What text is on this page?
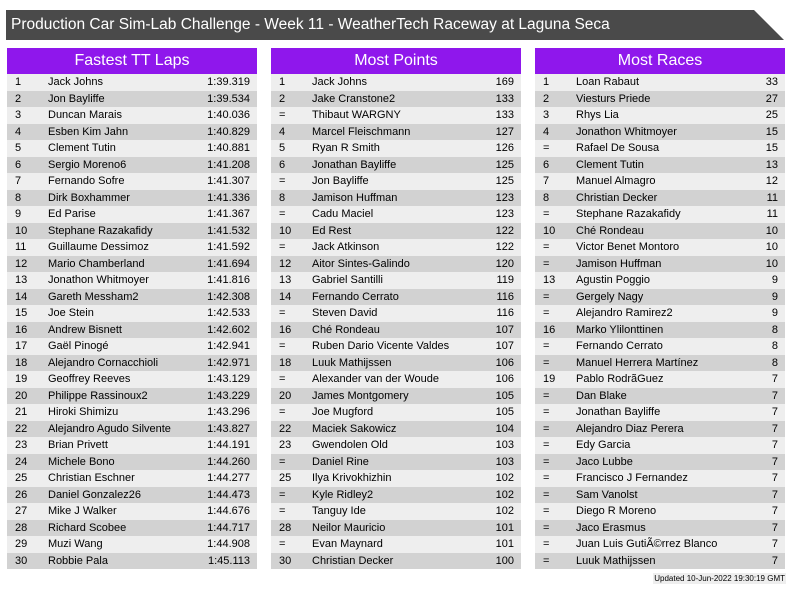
Production Car Sim-Lab Challenge - Week 11 - WeatherTech Raceway at Laguna Seca
Fastest TT Laps
1 Jack Johns	1:39.319
2 Jon Bayliffe	1:39.534
3 Duncan Marais	1:40.036
4 Esben Kim Jahn	1:40.829
5 Clement Tutin	1:40.881
6 Sergio Moreno6	1:41.208
7 Fernando Sofre	1:41.307
8 Dirk Boxhammer	1:41.336
9 Ed Parise	1:41.367
10 Stephane Razakafidy	1:41.532
11 Guillaume Dessimoz	1:41.592
12 Mario Chamberland	1:41.694
13 Jonathon Whitmoyer	1:41.816
14 Gareth Messham2	1:42.308
15 Joe Stein	1:42.533
16 Andrew Bisnett	1:42.602
17 Gaël Pinogé	1:42.941
18 Alejandro Cornacchioli	1:42.971
19 Geoffrey Reeves	1:43.129
20 Philippe Rassinoux2	1:43.229
21 Hiroki Shimizu	1:43.296
22 Alejandro Agudo Silvente	1:43.827
23 Brian Privett	1:44.191
24 Michele Bono	1:44.260
25 Christian Eschner	1:44.277
26 Daniel Gonzalez26	1:44.473
27 Mike J Walker	1:44.676
28 Richard Scobee	1:44.717
29 Muzi Wang	1:44.908
30 Robbie Pala	1:45.113
Most Points
1 Jack Johns	169
2 Jake Cranstone2	133
= Thibaut WARGNY	133
4 Marcel Fleischmann	127
5 Ryan R Smith	126
6 Jonathan Bayliffe	125
= Jon Bayliffe	125
8 Jamison Huffman	123
= Cadu Maciel	123
10 Ed Rest	122
= Jack Atkinson	122
12 Aitor Sintes-Galindo	120
13 Gabriel Santilli	119
14 Fernando Cerrato	116
= Steven David	116
16 Ché Rondeau	107
= Ruben Dario Vicente Valdes	107
18 Luuk Mathijssen	106
= Alexander van der Woude	106
20 James Montgomery	105
= Joe Mugford	105
22 Maciek Sakowicz	104
23 Gwendolen Old	103
= Daniel Rine	103
25 Ilya Krivokhizhin	102
= Kyle Ridley2	102
= Tanguy Ide	102
28 Neilor Mauricio	101
= Evan Maynard	101
30 Christian Decker	100
Most Races
1 Loan Rabaut	33
2 Viesturs Priede	27
3 Rhys Lia	25
4 Jonathon Whitmoyer	15
= Rafael De Sousa	15
6 Clement Tutin	13
7 Manuel Almagro	12
8 Christian Decker	11
= Stephane Razakafidy	11
10 Ché Rondeau	10
= Victor Benet Montoro	10
= Jamison Huffman	10
13 Agustin Poggio	9
= Gergely Nagy	9
= Alejandro Ramirez2	9
16 Marko Ylilonttinen	8
= Fernando Cerrato	8
= Manuel Herrera Martínez	8
19 Pablo RodrãGuez	7
= Dan Blake	7
= Jonathan Bayliffe	7
= Alejandro Diaz Perera	7
= Edy Garcia	7
= Jaco Lubbe	7
= Francisco J Fernandez	7
= Sam Vanolst	7
= Diego R Moreno	7
= Jaco Erasmus	7
= Juan Luis GutiÃ©rrez Blanco	7
= Luuk Mathijssen	7
Updated 10-Jun-2022 19:30:19 GMT
